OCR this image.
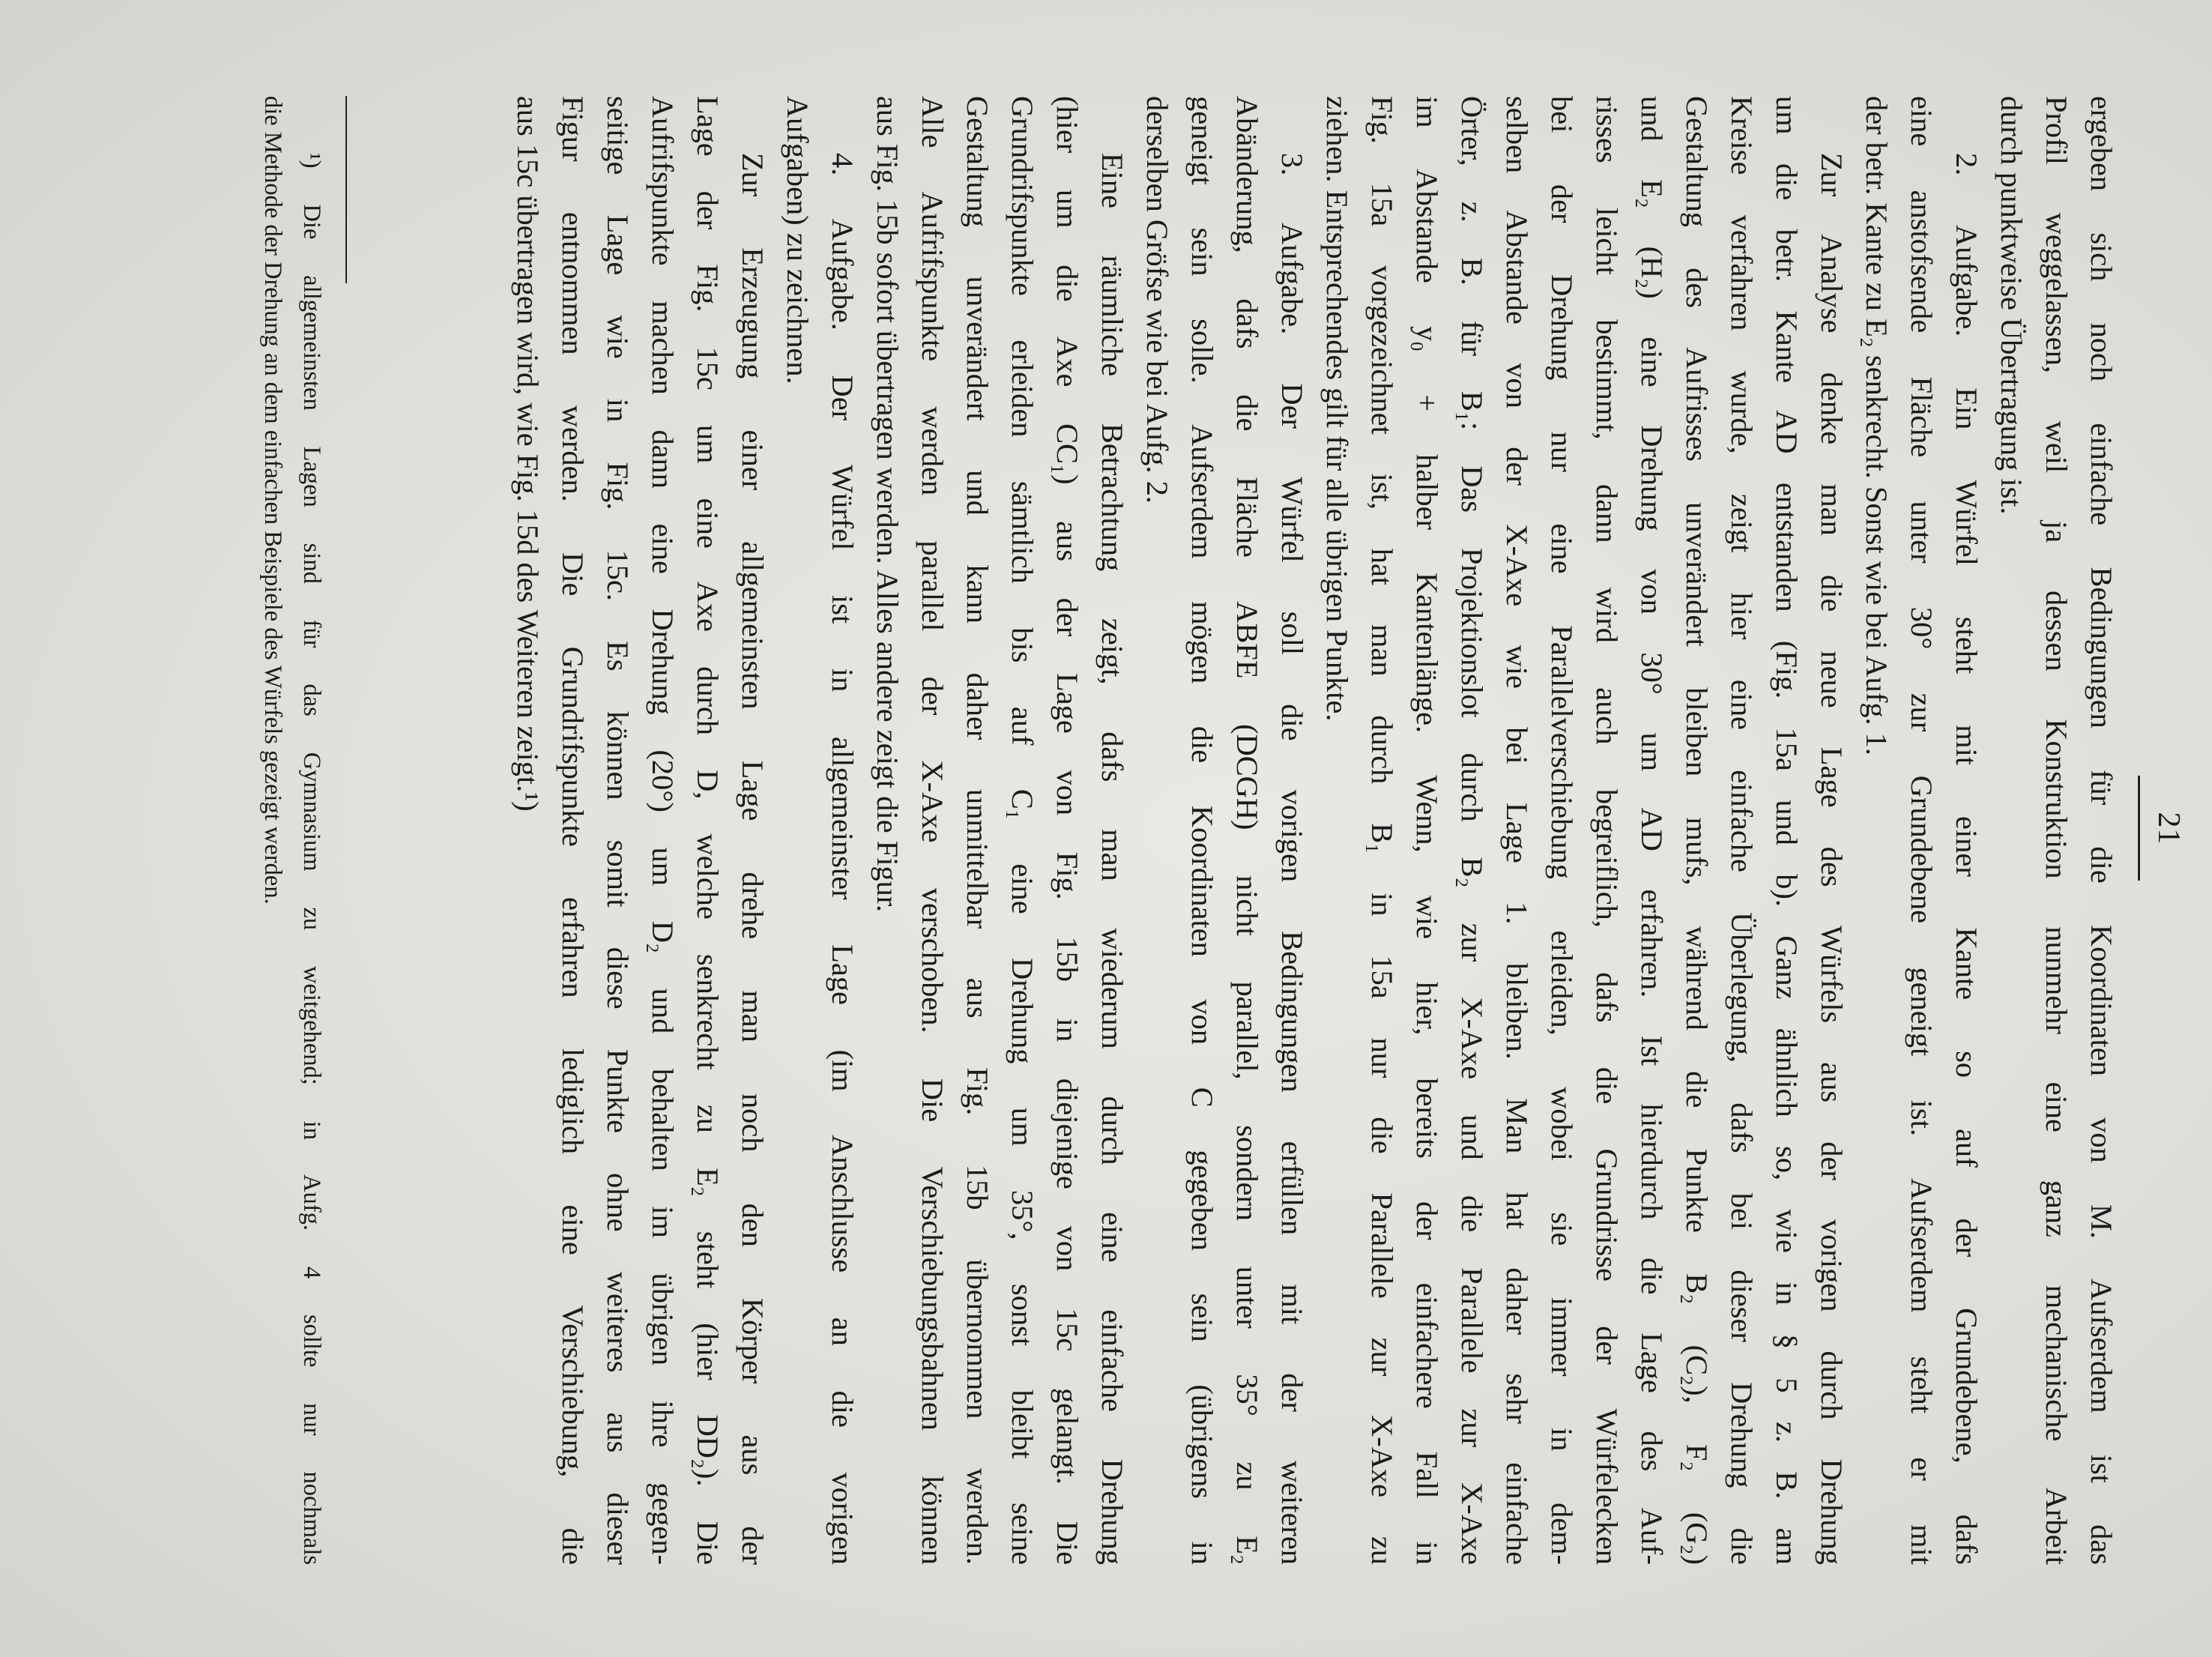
21
ergeben sich noch einfache Bedingungen für die Koordinaten von M. Aufserdem ist das
Profil weggelassen, weil ja dessen Konstruktion nunmehr eine ganz mechanische Arbeit
durch punktweise Übertragung ist.
2. Aufgabe. Ein Würfel steht mit einer Kante so auf der Grundebene, dafs
eine anstofsende Fläche unter 30° zur Grundebene geneigt ist. Aufserdem steht er mit
der betr. Kante zu E₂ senkrecht. Sonst wie bei Aufg. 1.
Zur Analyse denke man die neue Lage des Würfels aus der vorigen durch Drehung
um die betr. Kante AD entstanden (Fig. 15a und b). Ganz ähnlich so, wie in § 5 z. B. am
Kreise verfahren wurde, zeigt hier eine einfache Überlegung, dafs bei dieser Drehung die
Gestaltung des Aufrisses unverändert bleiben mufs, während die Punkte B₂ (C₂), F₂ (G₂)
und E₂ (H₂) eine Drehung von 30° um AD erfahren. Ist hierdurch die Lage des Auf-
risses leicht bestimmt, dann wird auch begreiflich, dafs die Grundrisse der Würfelecken
bei der Drehung nur eine Parallelverschiebung erleiden, wobei sie immer in dem-
selben Abstande von der X-Axe wie bei Lage 1. bleiben. Man hat daher sehr einfache
Örter, z. B. für B₁: Das Projektionslot durch B₂ zur X-Axe und die Parallele zur X-Axe
im Abstande y₀ + halber Kantenlänge. Wenn, wie hier, bereits der einfachere Fall in
Fig. 15a vorgezeichnet ist, hat man durch B₁ in 15a nur die Parallele zur X-Axe zu
ziehen. Entsprechendes gilt für alle übrigen Punkte.
3. Aufgabe. Der Würfel soll die vorigen Bedingungen erfüllen mit der weiteren
Abänderung, dafs die Fläche ABFE (DCGH) nicht parallel, sondern unter 35° zu E₂
geneigt sein solle. Aufserdem mögen die Koordinaten von C gegeben sein (übrigens in
derselben Gröfse wie bei Aufg. 2.
Eine räumliche Betrachtung zeigt, dafs man wiederum durch eine einfache Drehung
(hier um die Axe CC₁) aus der Lage von Fig. 15b in diejenige von 15c gelangt. Die
Grundrifspunkte erleiden sämtlich bis auf C₁ eine Drehung um 35°, sonst bleibt seine
Gestaltung unverändert und kann daher unmittelbar aus Fig. 15b übernommen werden.
Alle Aufrifspunkte werden parallel der X-Axe verschoben. Die Verschiebungsbahnen können
aus Fig. 15b sofort übertragen werden. Alles andere zeigt die Figur.
4. Aufgabe. Der Würfel ist in allgemeinster Lage (im Anschlusse an die vorigen
Aufgaben) zu zeichnen.
Zur Erzeugung einer allgemeinsten Lage drehe man noch den Körper aus der
Lage der Fig. 15c um eine Axe durch D, welche senkrecht zu E₂ steht (hier DD₂). Die
Aufrifspunkte machen dann eine Drehung (20°) um D₂ und behalten im übrigen ihre gegen-
seitige Lage wie in Fig. 15c. Es können somit diese Punkte ohne weiteres aus dieser
Figur entnommen werden. Die Grundrifspunkte erfahren lediglich eine Verschiebung, die
aus 15c übertragen wird, wie Fig. 15d des Weiteren zeigt.¹)
¹) Die allgemeinsten Lagen sind für das Gymnasium zu weitgehend; in Aufg. 4 sollte nur nochmals
die Methode der Drehung an dem einfachen Beispiele des Würfels gezeigt werden.
